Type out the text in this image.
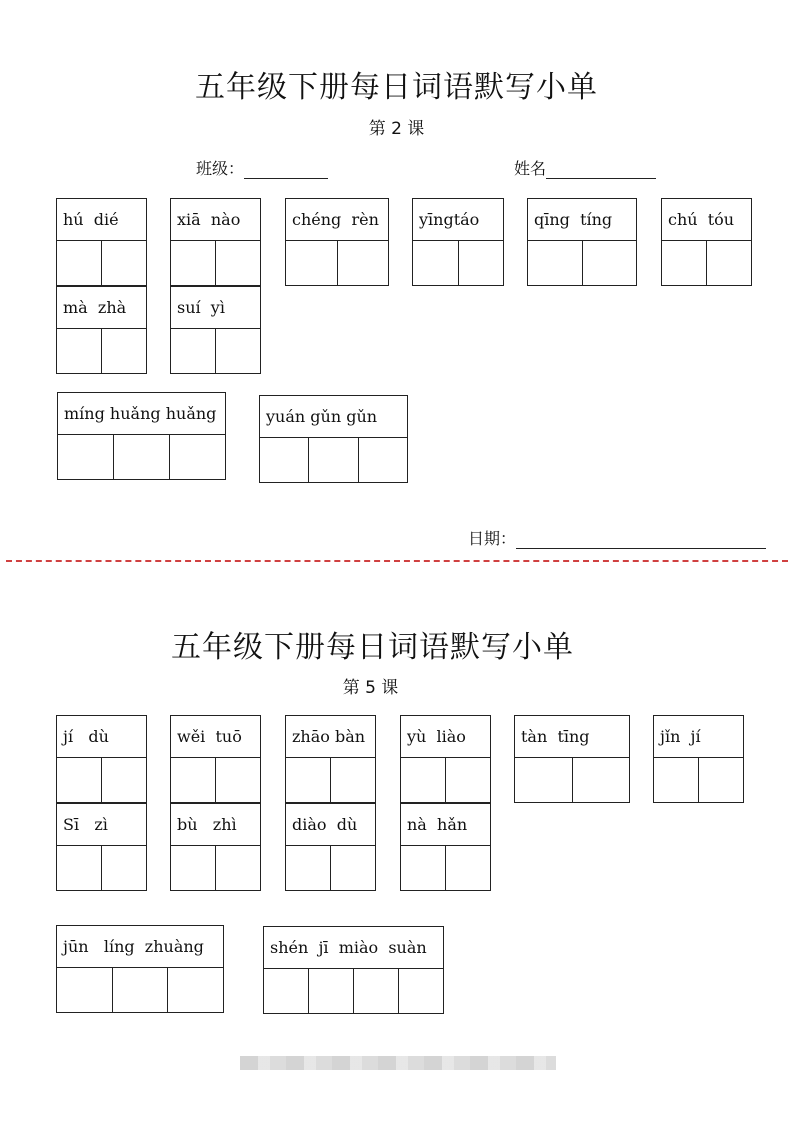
五年级下册每日词语默写小单
第 2 课
班级：	姓名
hú  dié	xiā  nào	chéng  rèn	yīngtáo	qīng  tíng	chú  tóu
mà  zhà	suí  yì
míng huǎng huǎng	yuán gǔn gǔn
日期：
五年级下册每日词语默写小单
第 5 课
jí   dù	wěi  tuō	zhāo bàn	yù  liào	tàn  tīng	jǐn  jí
Sī   zì	bù   zhì	diào  dù	nà  hǎn
jūn   líng  zhuàng	shén  jī  miào  suàn
